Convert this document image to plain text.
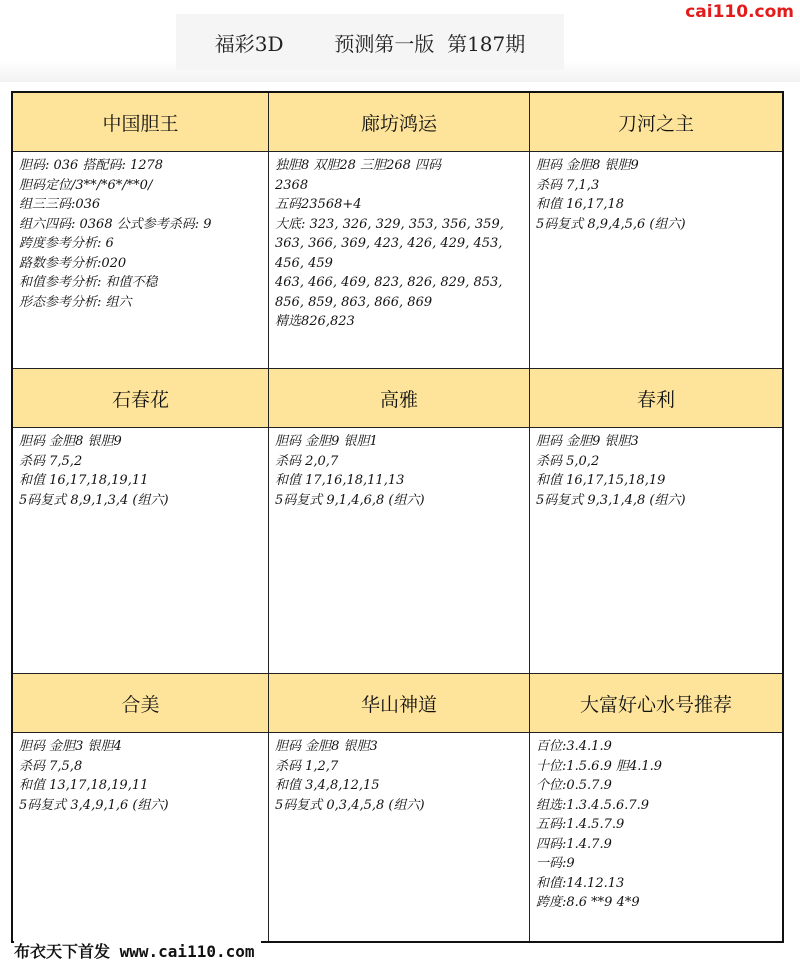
cai110.com
福彩3D
	预测第一版
第187期
中国胆王
胆码: 036 搭配码: 1278
胆码定位/3**/*6*/**0/
组三三码:036
组六四码: 0368 公式参考杀码: 9
跨度参考分析: 6
路数参考分析:020
和值参考分析: 和值不稳
形态参考分析: 组六
廊坊鸿运
独胆8 双胆28 三胆268 四码
2368
五码23568+4
大底: 323, 326, 329, 353, 356, 359,
363, 366, 369, 423, 426, 429, 453,
456, 459
463, 466, 469, 823, 826, 829, 853,
856, 859, 863, 866, 869
精选826,823
刀河之主
胆码 金胆8 银胆9
杀码 7,1,3
和值 16,17,18
5码复式 8,9,4,5,6 (组六)
石春花
胆码 金胆8 银胆9
杀码 7,5,2
和值 16,17,18,19,11
5码复式 8,9,1,3,4 (组六)
高雅
胆码 金胆9 银胆1
杀码 2,0,7
和值 17,16,18,11,13
5码复式 9,1,4,6,8 (组六)
春利
胆码 金胆9 银胆3
杀码 5,0,2
和值 16,17,15,18,19
5码复式 9,3,1,4,8 (组六)
合美
胆码 金胆3 银胆4
杀码 7,5,8
和值 13,17,18,19,11
5码复式 3,4,9,1,6 (组六)
华山神道
胆码 金胆8 银胆3
杀码 1,2,7
和值 3,4,8,12,15
5码复式 0,3,4,5,8 (组六)
大富好心水号推荐
百位:3.4.1.9
十位:1.5.6.9 胆4.1.9
个位:0.5.7.9
组选:1.3.4.5.6.7.9
五码:1.4.5.7.9
四码:1.4.7.9
一码:9
和值:14.12.13
跨度:8.6 **9 4*9
布衣天下首发 www.cai110.com
